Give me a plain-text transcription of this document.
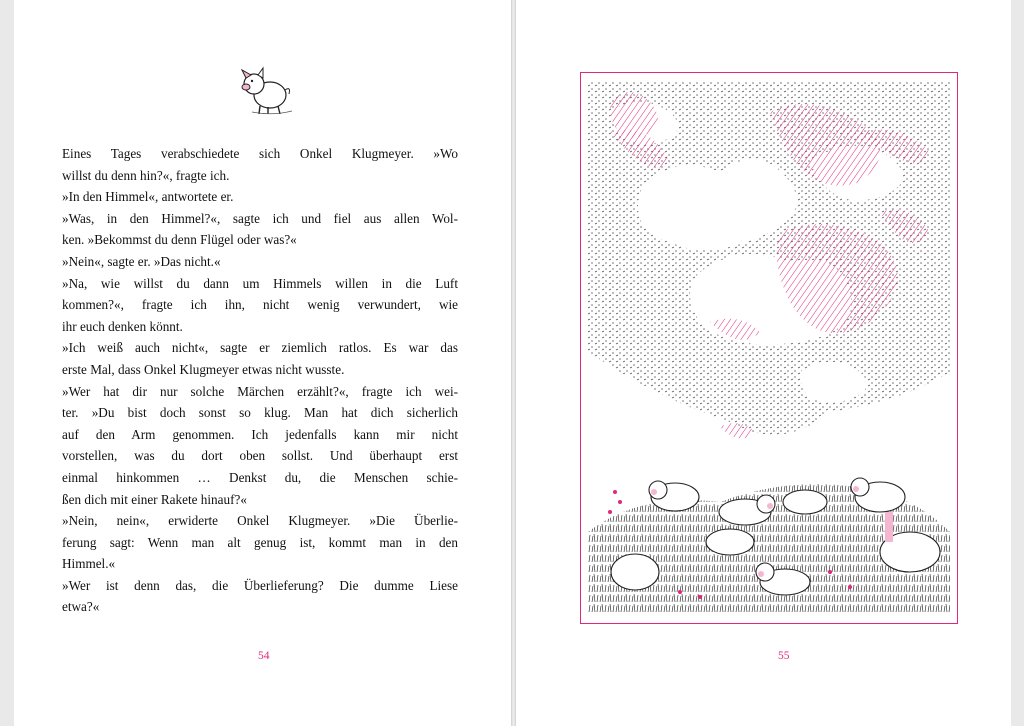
Eines Tages verabschiedete sich Onkel Klugmeyer. »Wo
willst du denn hin?«, fragte ich.
»In den Himmel«, antwortete er.
»Was, in den Himmel?«, sagte ich und fiel aus allen Wol-
ken. »Bekommst du denn Flügel oder was?«
»Nein«, sagte er. »Das nicht.«
»Na, wie willst du dann um Himmels willen in die Luft
kommen?«, fragte ich ihn, nicht wenig verwundert, wie
ihr euch denken könnt.
»Ich weiß auch nicht«, sagte er ziemlich ratlos. Es war das
erste Mal, dass Onkel Klugmeyer etwas nicht wusste.
»Wer hat dir nur solche Märchen erzählt?«, fragte ich wei-
ter. »Du bist doch sonst so klug. Man hat dich sicherlich
auf den Arm genommen. Ich jedenfalls kann mir nicht
vorstellen, was du dort oben sollst. Und überhaupt erst
einmal hinkommen … Denkst du, die Menschen schie-
ßen dich mit einer Rakete hinauf?«
»Nein, nein«, erwiderte Onkel Klugmeyer. »Die Überlie-
ferung sagt: Wenn man alt genug ist, kommt man in den
Himmel.«
»Wer ist denn das, die Überlieferung? Die dumme Liese
etwa?«
54	55
